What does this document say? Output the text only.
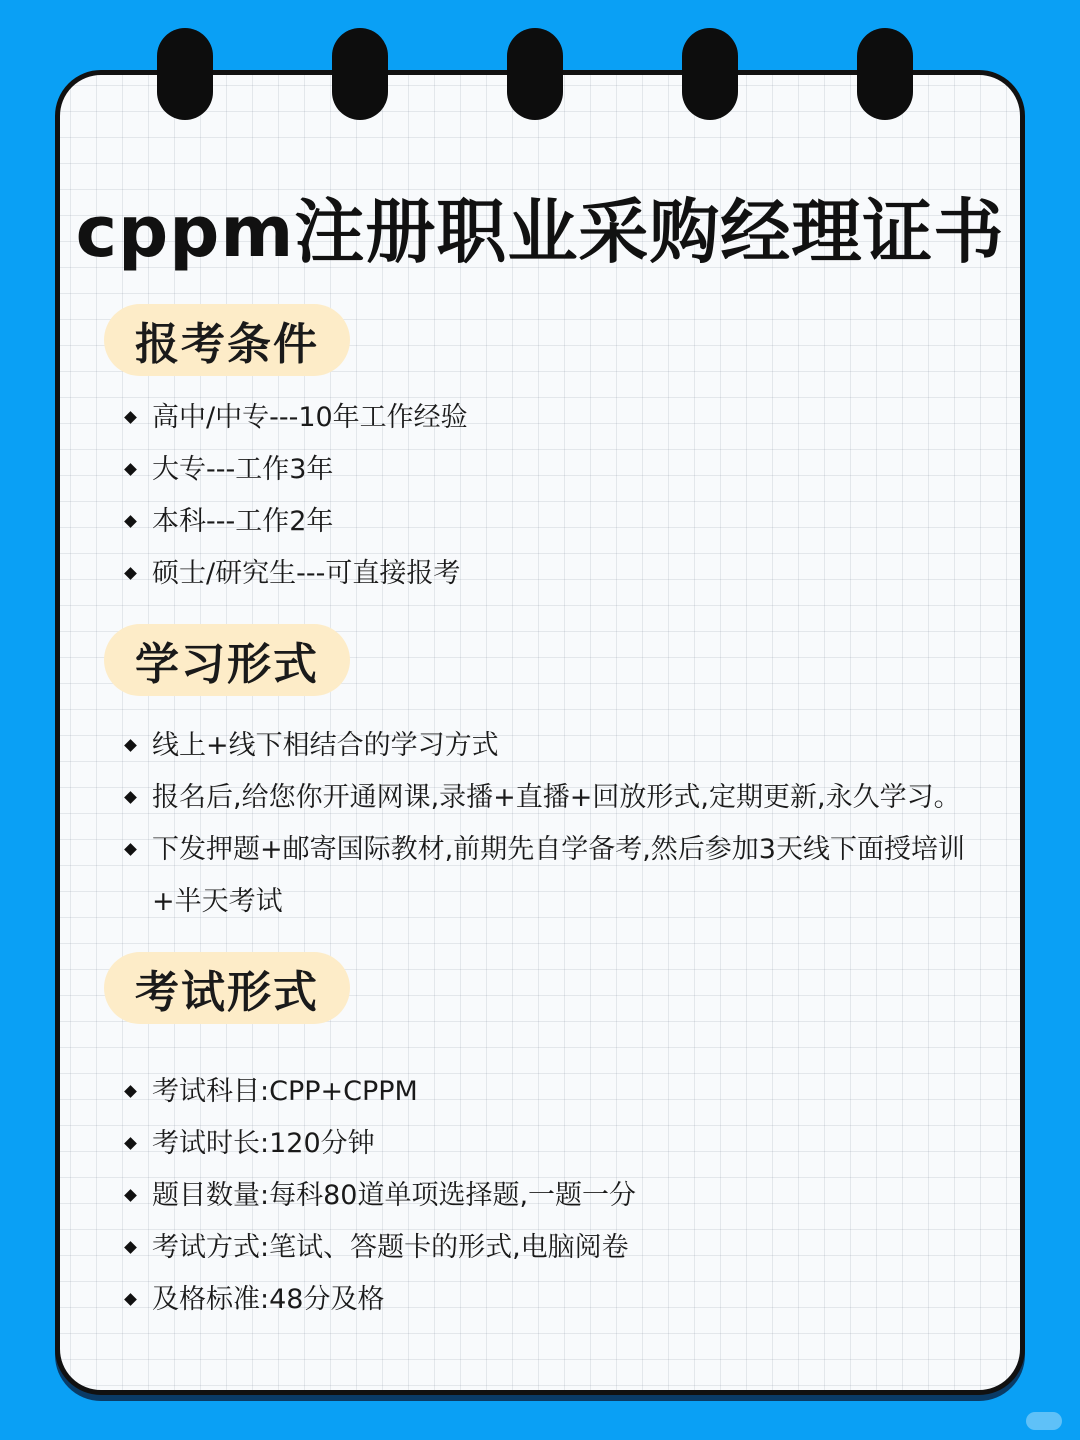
cppm注册职业采购经理证书
报考条件
高中/中专---10年工作经验
大专---工作3年
本科---工作2年
硕士/研究生---可直接报考
学习形式
线上+线下相结合的学习方式
报名后,给您你开通网课,录播+直播+回放形式,定期更新,永久学习。
下发押题+邮寄国际教材,前期先自学备考,然后参加3天线下面授培训+半天考试
考试形式
考试科目:CPP+CPPM
考试时长:120分钟
题目数量:每科80道单项选择题,一题一分
考试方式:笔试、答题卡的形式,电脑阅卷
及格标准:48分及格
